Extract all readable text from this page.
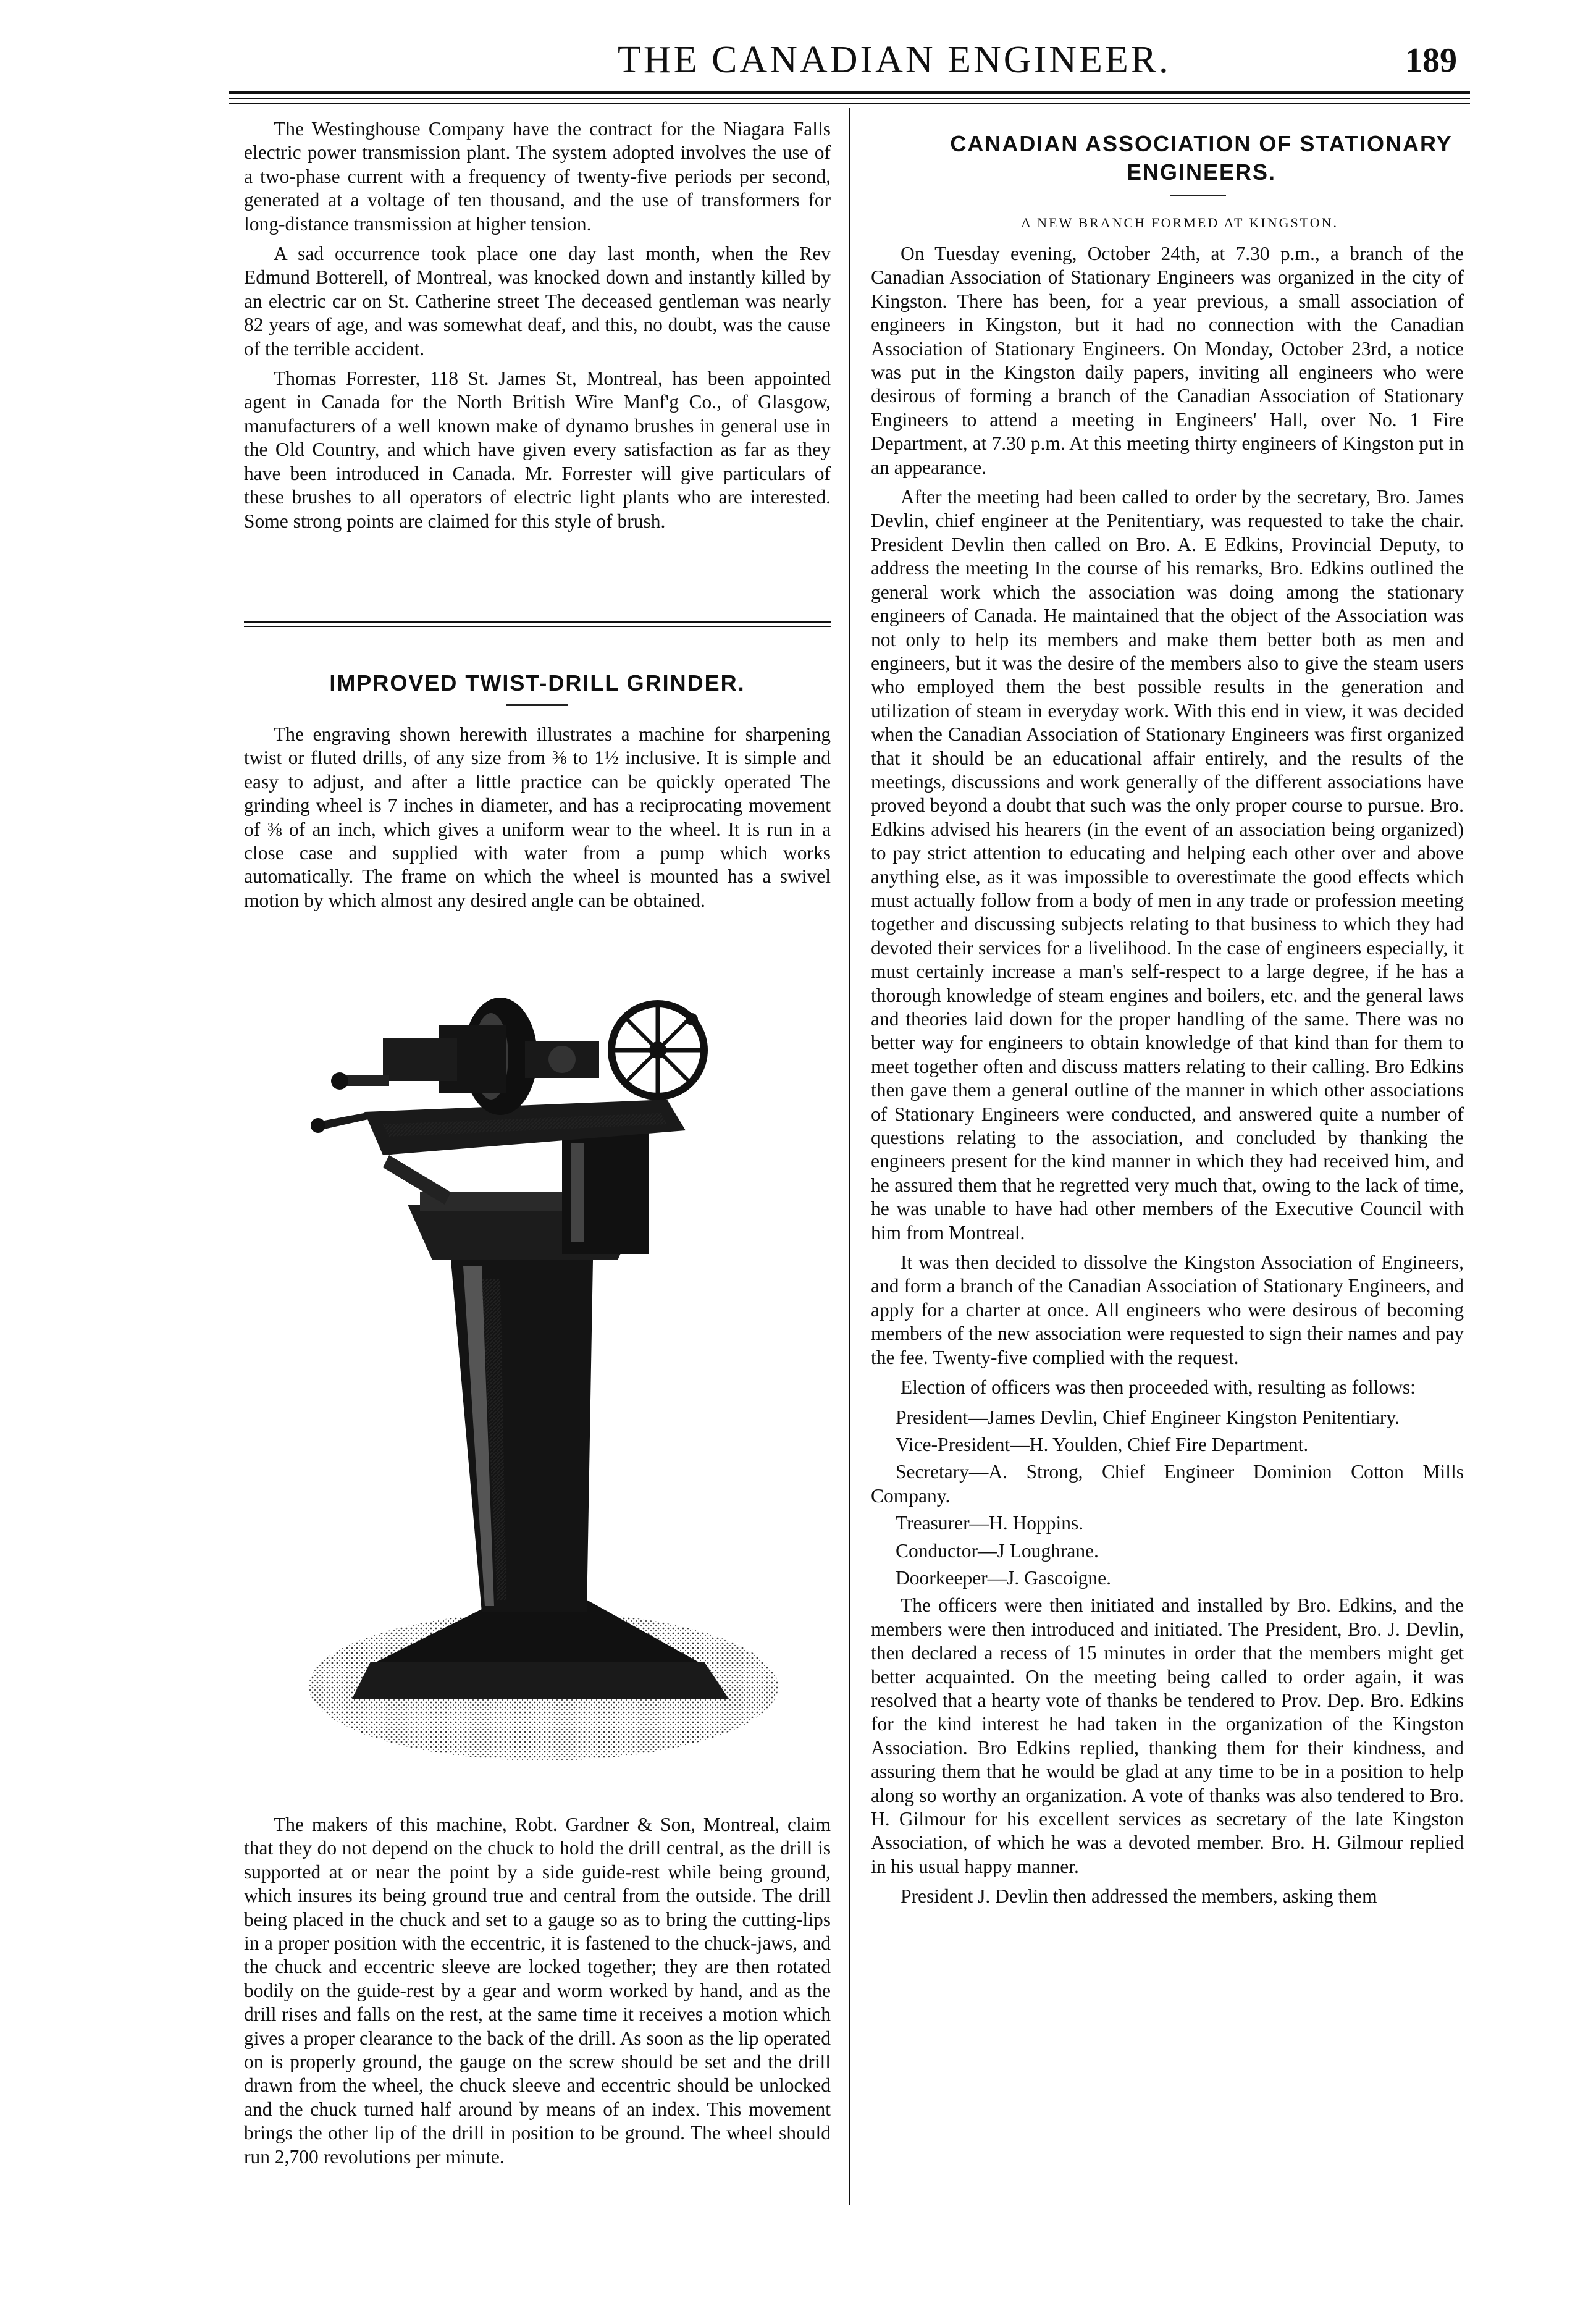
THE CANADIAN ENGINEER.	189

The Westinghouse Company have the contract for the Niagara Falls electric power transmission plant. The system adopted involves the use of a two-phase current with a frequency of twenty-five periods per second, generated at a voltage of ten thousand, and the use of transformers for long-distance transmission at higher tension.

A sad occurrence took place one day last month, when the Rev Edmund Botterell, of Montreal, was knocked down and instantly killed by an electric car on St. Catherine street The deceased gentleman was nearly 82 years of age, and was somewhat deaf, and this, no doubt, was the cause of the terrible accident.

Thomas Forrester, 118 St. James St, Montreal, has been appointed agent in Canada for the North British Wire Manf'g Co., of Glasgow, manufacturers of a well known make of dynamo brushes in general use in the Old Country, and which have given every satisfaction as far as they have been introduced in Canada. Mr. Forrester will give particulars of these brushes to all operators of electric light plants who are interested. Some strong points are claimed for this style of brush.

IMPROVED TWIST-DRILL GRINDER.

The engraving shown herewith illustrates a machine for sharpening twist or fluted drills, of any size from ⅜ to 1½ inclusive. It is simple and easy to adjust, and after a little practice can be quickly operated The grinding wheel is 7 inches in diameter, and has a reciprocating movement of ⅜ of an inch, which gives a uniform wear to the wheel. It is run in a close case and supplied with water from a pump which works automatically. The frame on which the wheel is mounted has a swivel motion by which almost any desired angle can be obtained.

The makers of this machine, Robt. Gardner & Son, Montreal, claim that they do not depend on the chuck to hold the drill central, as the drill is supported at or near the point by a side guide-rest while being ground, which insures its being ground true and central from the outside. The drill being placed in the chuck and set to a gauge so as to bring the cutting-lips in a proper position with the eccentric, it is fastened to the chuck-jaws, and the chuck and eccentric sleeve are locked together; they are then rotated bodily on the guide-rest by a gear and worm worked by hand, and as the drill rises and falls on the rest, at the same time it receives a motion which gives a proper clearance to the back of the drill. As soon as the lip operated on is properly ground, the gauge on the screw should be set and the drill drawn from the wheel, the chuck sleeve and eccentric should be unlocked and the chuck turned half around by means of an index. This movement brings the other lip of the drill in position to be ground. The wheel should run 2,700 revolutions per minute.

CANADIAN ASSOCIATION OF STATIONARY ENGINEERS.
A NEW BRANCH FORMED AT KINGSTON.

On Tuesday evening, October 24th, at 7.30 p.m., a branch of the Canadian Association of Stationary Engineers was organized in the city of Kingston. There has been, for a year previous, a small association of engineers in Kingston, but it had no connection with the Canadian Association of Stationary Engineers. On Monday, October 23rd, a notice was put in the Kingston daily papers, inviting all engineers who were desirous of forming a branch of the Canadian Association of Stationary Engineers to attend a meeting in Engineers' Hall, over No. 1 Fire Department, at 7.30 p.m. At this meeting thirty engineers of Kingston put in an appearance.

After the meeting had been called to order by the secretary, Bro. James Devlin, chief engineer at the Penitentiary, was requested to take the chair. President Devlin then called on Bro. A. E Edkins, Provincial Deputy, to address the meeting In the course of his remarks, Bro. Edkins outlined the general work which the association was doing among the stationary engineers of Canada. He maintained that the object of the Association was not only to help its members and make them better both as men and engineers, but it was the desire of the members also to give the steam users who employed them the best possible results in the generation and utilization of steam in everyday work. With this end in view, it was decided when the Canadian Association of Stationary Engineers was first organized that it should be an educational affair entirely, and the results of the meetings, discussions and work generally of the different associations have proved beyond a doubt that such was the only proper course to pursue. Bro. Edkins advised his hearers (in the event of an association being organized) to pay strict attention to educating and helping each other over and above anything else, as it was impossible to overestimate the good effects which must actually follow from a body of men in any trade or profession meeting together and discussing subjects relating to that business to which they had devoted their services for a livelihood. In the case of engineers especially, it must certainly increase a man's self-respect to a large degree, if he has a thorough knowledge of steam engines and boilers, etc. and the general laws and theories laid down for the proper handling of the same. There was no better way for engineers to obtain knowledge of that kind than for them to meet together often and discuss matters relating to their calling. Bro Edkins then gave them a general outline of the manner in which other associations of Stationary Engineers were conducted, and answered quite a number of questions relating to the association, and concluded by thanking the engineers present for the kind manner in which they had received him, and he assured them that he regretted very much that, owing to the lack of time, he was unable to have had other members of the Executive Council with him from Montreal.

It was then decided to dissolve the Kingston Association of Engineers, and form a branch of the Canadian Association of Stationary Engineers, and apply for a charter at once. All engineers who were desirous of becoming members of the new association were requested to sign their names and pay the fee. Twenty-five complied with the request.

Election of officers was then proceeded with, resulting as follows:

President—James Devlin, Chief Engineer Kingston Penitentiary.

Vice-President—H. Youlden, Chief Fire Department.

Secretary—A. Strong, Chief Engineer Dominion Cotton Mills Company.

Treasurer—H. Hoppins.

Conductor—J Loughrane.

Doorkeeper—J. Gascoigne.

The officers were then initiated and installed by Bro. Edkins, and the members were then introduced and initiated. The President, Bro. J. Devlin, then declared a recess of 15 minutes in order that the members might get better acquainted. On the meeting being called to order again, it was resolved that a hearty vote of thanks be tendered to Prov. Dep. Bro. Edkins for the kind interest he had taken in the organization of the Kingston Association. Bro Edkins replied, thanking them for their kindness, and assuring them that he would be glad at any time to be in a position to help along so worthy an organization. A vote of thanks was also tendered to Bro. H. Gilmour for his excellent services as secretary of the late Kingston Association, of which he was a devoted member. Bro. H. Gilmour replied in his usual happy manner.

President J. Devlin then addressed the members, asking them
